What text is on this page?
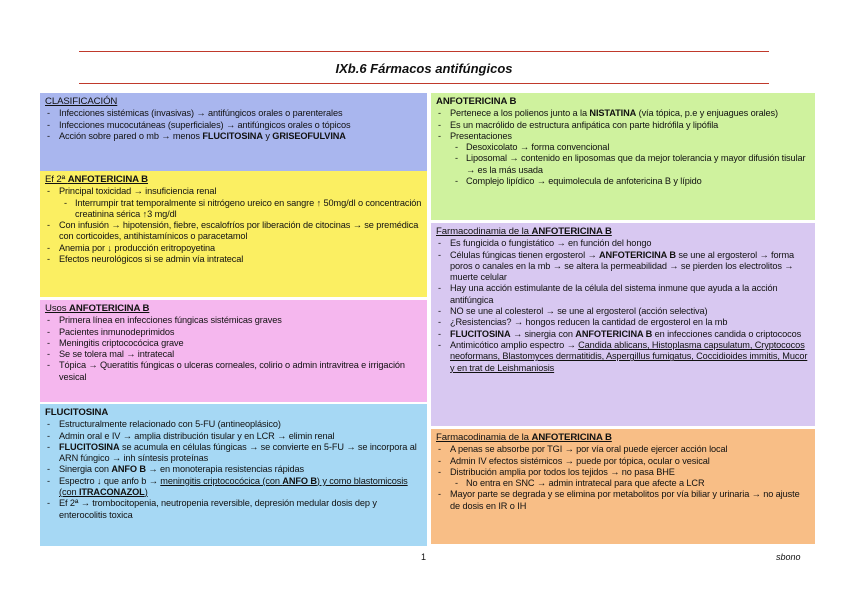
IXb.6 Fármacos antifúngicos
CLASIFICACIÓN
- Infecciones sistémicas (invasivas) → antifúngicos orales o parenterales
- Infecciones mucocutáneas (superficiales) → antifúngicos orales o tópicos
- Acción sobre pared o mb → menos FLUCITOSINA y GRISEOFULVINA
Ef 2ª ANFOTERICINA B
- Principal toxicidad → insuficiencia renal
- Interrumpir trat temporalmente si nitrógeno ureico en sangre ↑ 50mg/dl o concentración creatinina sérica ↑3 mg/dl
- Con infusión → hipotensión, fiebre, escalofríos por liberación de citocinas → se premédica con corticoides, antihistamínicos o paracetamol
- Anemia por ↓ producción eritropoyetina
- Efectos neurológicos si se admin vía intratecal
Usos ANFOTERICINA B
- Primera línea en infecciones fúngicas sistémicas graves
- Pacientes inmunodeprimidos
- Meningitis criptococócica grave
- Se se tolera mal → intratecal
- Tópica → Queratitis fúngicas o ulceras corneales, colirio o admin intravitrea e irrigación vesical
FLUCITOSINA
- Estructuralmente relacionado con 5-FU (antineoplásico)
- Admin oral e IV → amplia distribución tisular y en LCR → elimin renal
- FLUCITOSINA se acumula en células fúngicas → se convierte en 5-FU → se incorpora al ARN fúngico → inh síntesis proteínas
- Sinergia con ANFO B → en monoterapia resistencias rápidas
- Espectro ↓ que anfo b → meningitis criptococócica (con ANFO B) y como blastomicosis (con ITRACONAZOL)
- Ef 2ª → trombocitopenia, neutropenia reversible, depresión medular dosis dep y enterocolitis toxica
ANFOTERICINA B
- Pertenece a los polienos junto a la NISTATINA (vía tópica, p.e y enjuagues orales)
- Es un macrólido de estructura anfipática con parte hidrófila y lipófila
- Presentaciones
- Desoxicolato → forma convencional
- Liposomal → contenido en liposomas que da mejor tolerancia y mayor difusión tisular → es la más usada
- Complejo lipídico → equimolecula de anfotericina B y lípido
Farmacodinamia de la ANFOTERICINA B
- Es fungicida o fungistático → en función del hongo
- Células fúngicas tienen ergosterol → ANFOTERICINA B se une al ergosterol → forma poros o canales en la mb → se altera la permeabilidad → se pierden los electrolitos → muerte celular
- Hay una acción estimulante de la célula del sistema inmune que ayuda a la acción antifúngica
- NO se une al colesterol → se une al ergosterol (acción selectiva)
- ¿Resistencias? → hongos reducen la cantidad de ergosterol en la mb
- FLUCITOSINA → sinergia con ANFOTERICINA B en infecciones candida o criptococos
- Antimicótico amplio espectro → Candida ablicans, Histoplasma capsulatum, Cryptococos neoformans, Blastomyces dermatitidis, Aspergillus fumigatus, Coccidioides immitis, Mucor y en trat de Leishmaniosis
Farmacodinamia de la ANFOTERICINA B
- A penas se absorbe por TGI → por vía oral puede ejercer acción local
- Admin IV efectos sistémicos → puede por tópica, ocular o vesical
- Distribución amplia por todos los tejidos → no pasa BHE
- No entra en SNC → admin intratecal para que afecte a LCR
- Mayor parte se degrada y se elimina por metabolitos por vía biliar y urinaria → no ajuste de dosis en IR o IH
1	sbono
